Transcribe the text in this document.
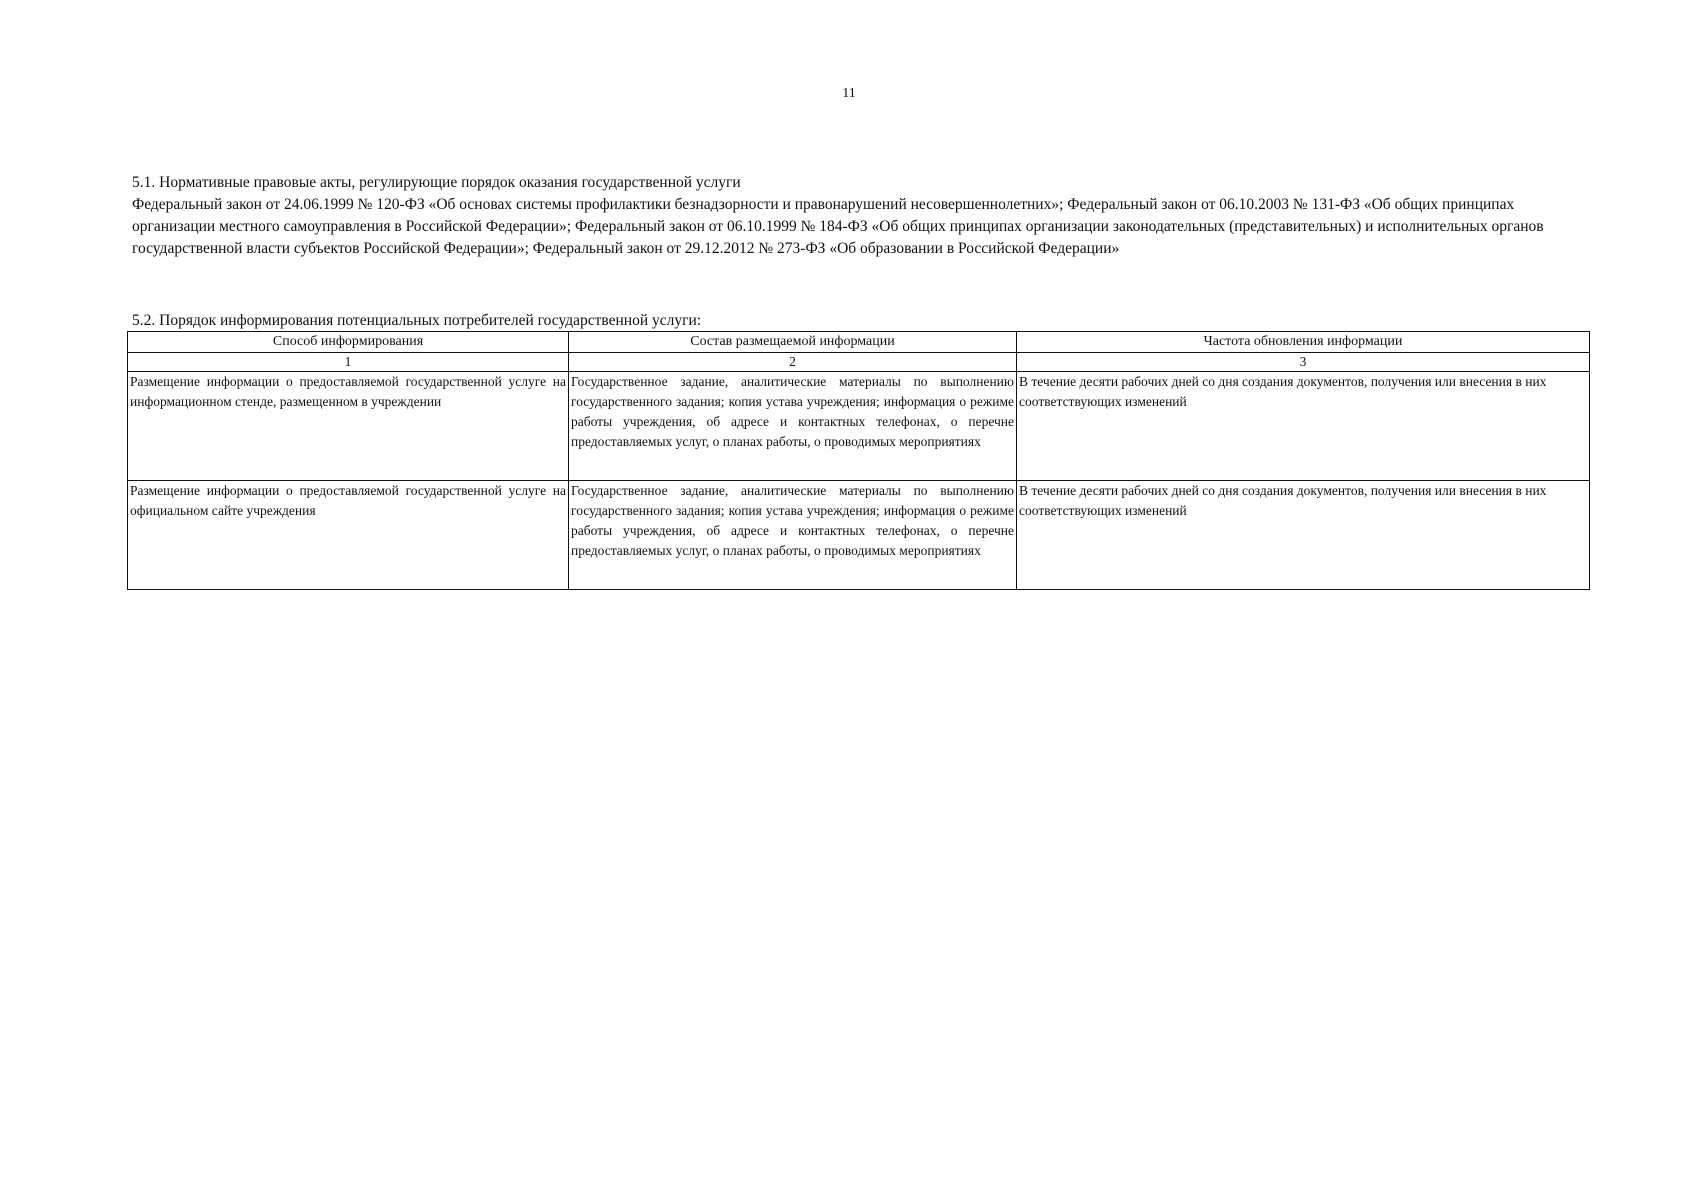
11

5.1. Нормативные правовые акты, регулирующие порядок оказания государственной услуги

Федеральный закон от 24.06.1999 № 120-ФЗ «Об основах системы профилактики безнадзорности и правонарушений несовершеннолетних»; Федеральный закон от 06.10.2003 № 131-ФЗ «Об общих принципах организации местного самоуправления в Российской Федерации»; Федеральный закон от 06.10.1999 № 184-ФЗ «Об общих принципах организации законодательных (представительных) и исполнительных органов государственной власти субъектов Российской Федерации»; Федеральный закон от 29.12.2012 № 273-ФЗ «Об образовании в Российской Федерации»

5.2. Порядок информирования потенциальных потребителей государственной услуги:
Способ информирования	Состав размещаемой информации	Частота обновления информации
1	2	3
Размещение информации о предоставляемой государственной услуге на информационном стенде, размещенном в учреждении	Государственное задание, аналитические материалы по выполнению государственного задания; копия устава учреждения; информация о режиме работы учреждения, об адресе и контактных телефонах, о перечне предоставляемых услуг, о планах работы, о проводимых мероприятиях	В течение десяти рабочих дней со дня создания документов, получения или внесения в них соответствующих изменений
Размещение информации о предоставляемой государственной услуге на официальном сайте учреждения	Государственное задание, аналитические материалы по выполнению государственного задания; копия устава учреждения; информация о режиме работы учреждения, об адресе и контактных телефонах, о перечне предоставляемых услуг, о планах работы, о проводимых мероприятиях	В течение десяти рабочих дней со дня создания документов, получения или внесения в них соответствующих изменений
